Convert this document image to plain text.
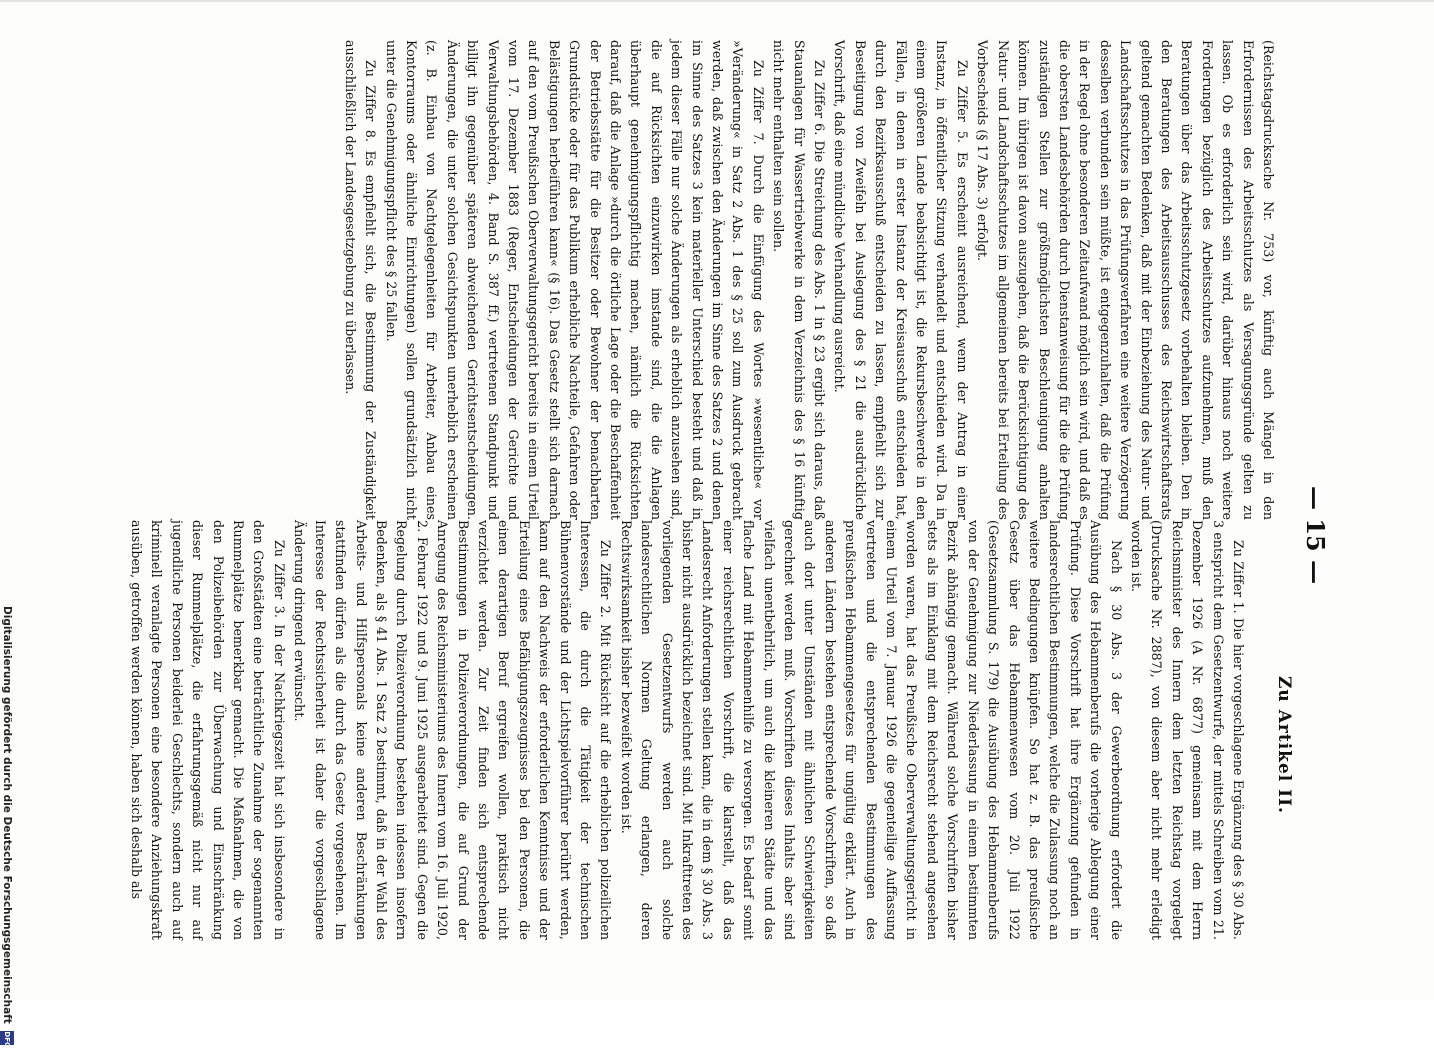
(Reichstagsdrucksache Nr. 753) vor, künftig auch Mängel in den Erfordernissen des Arbeitsschutzes als Versagungsgründe gelten zu lassen. Ob es erforderlich sein wird, darüber hinaus noch weitere Forderungen bezüglich des Arbeitsschutzes aufzunehmen, muß den Beratungen über das Arbeitsschutzgesetz vorbehalten bleiben. Den in den Beratungen des Arbeitsausschusses des Reichswirtschaftsrats geltend gemachten Bedenken, daß mit der Einbeziehung des Natur- und Landschaftsschutzes in das Prüfungsverfahren eine weitere Verzögerung desselben verbunden sein müßte, ist entgegenzuhalten, daß die Prüfung in der Regel ohne besonderen Zeitaufwand möglich sein wird, und daß es die obersten Landesbehörden durch Dienstanweisung für die die Prüfung zuständigen Stellen zur größtmöglichsten Beschleunigung anhalten können. Im übrigen ist davon auszugehen, daß die Berücksichtigung des Natur- und Landschaftsschutzes im allgemeinen bereits bei Erteilung des Vorbescheids (§ 17 Abs. 3) erfolgt.

Zu Ziffer 5. Es erscheint ausreichend, wenn der Antrag in einer Instanz, in öffentlicher Sitzung verhandelt und entschieden wird. Da in einem größeren Lande beabsichtigt ist, die Rekursbeschwerde in den Fällen, in denen in erster Instanz der Kreisausschuß entschieden hat, durch den Bezirksausschuß entscheiden zu lassen, empfiehlt sich zur Beseitigung von Zweifeln bei Auslegung des § 21 die ausdrückliche Vorschrift, daß eine mündliche Verhandlung ausreicht.

Zu Ziffer 6. Die Streichung des Abs. 1 in § 23 ergibt sich daraus, daß Stauanlagen für Wassertriebwerke in dem Verzeichnis des § 16 künftig nicht mehr enthalten sein sollen.

Zu Ziffer 7. Durch die Einfügung des Wortes »wesentliche« vor »Veränderung« in Satz 2 Abs. 1 des § 25 soll zum Ausdruck gebracht werden, daß zwischen den Änderungen im Sinne des Satzes 2 und denen im Sinne des Satzes 3 kein materieller Unterschied besteht und daß in jedem dieser Fälle nur solche Änderungen als erheblich anzusehen sind, die auf Rücksichten einzuwirken imstande sind, die die Anlagen überhaupt genehmigungspflichtig machen, nämlich die Rücksichten darauf, daß die Anlage »durch die örtliche Lage oder die Beschaffenheit der Betriebsstätte für die Besitzer oder Bewohner der benachbarten Grundstücke oder für das Publikum erhebliche Nachteile, Gefahren oder Belästigungen herbeiführen kann« (§ 16). Das Gesetz stellt sich darnach auf den vom Preußischen Oberverwaltungsgericht bereits in einem Urteil vom 17. Dezember 1883 (Reger, Entscheidungen der Gerichte und Verwaltungsbehörden, 4. Band S. 387 ff.) vertretenen Standpunkt und billigt ihn gegenüber späteren abweichenden Gerichtsentscheidungen. Änderungen, die unter solchen Gesichtspunkten unerheblich erscheinen (z. B. Einbau von Nachtgelegenheiten für Arbeiter, Anbau eines Kontorraums oder ähnliche Einrichtungen) sollen grundsätzlich nicht unter die Genehmigungspflicht des § 25 fallen.

Zu Ziffer 8. Es empfiehlt sich, die Bestimmung der Zuständigkeit ausschließlich der Landesgesetzgebung zu überlassen.

— 15 —
Zu Artikel II.

Zu Ziffer 1. Die hier vorgeschlagene Ergänzung des § 30 Abs. 3 entspricht dem Gesetzentwurfe, der mittels Schreiben vom 21. Dezember 1926 (A Nr. 6877) gemeinsam mit dem Herrn Reichsminister des Innern dem letzten Reichstag vorgelegt (Drucksache Nr. 2887), von diesem aber nicht mehr erledigt worden ist.

Nach § 30 Abs. 3 der Gewerbeordnung erfordert die Ausübung des Hebammenberufs die vorherige Ablegung einer Prüfung. Diese Vorschrift hat ihre Ergänzung gefunden in landesrechtlichen Bestimmungen, welche die Zulassung noch an weitere Bedingungen knüpfen. So hat z. B. das preußische Gesetz über das Hebammenwesen vom 20. Juli 1922 (Gesetzsammlung S. 179) die Ausübung des Hebammenberufs von der Genehmigung zur Niederlassung in einem bestimmten Bezirk abhängig gemacht. Während solche Vorschriften bisher stets als im Einklang mit dem Reichsrecht stehend angesehen worden waren, hat das Preußische Oberverwaltungsgericht in einem Urteil vom 7. Januar 1926 die gegenteilige Auffassung vertreten und die entsprechenden Bestimmungen des preußischen Hebammengesetzes für ungültig erklärt. Auch in anderen Ländern bestehen entsprechende Vorschriften, so daß auch dort unter Umständen mit ähnlichen Schwierigkeiten gerechnet werden muß. Vorschriften dieses Inhalts aber sind vielfach unentbehrlich, um auch die kleineren Städte und das flache Land mit Hebammenhilfe zu versorgen. Es bedarf somit einer reichsrechtlichen Vorschrift, die klarstellt, daß das Landesrecht Anforderungen stellen kann, die in dem § 30 Abs. 3 bisher nicht ausdrücklich bezeichnet sind. Mit Inkrafttreten des vorliegenden Gesetzentwurfs werden auch solche landesrechtlichen Normen Geltung erlangen, deren Rechtswirksamkeit bisher bezweifelt worden ist.

Zu Ziffer 2. Mit Rücksicht auf die erheblichen polizeilichen Interessen, die durch die Tätigkeit der technischen Bühnenvorstände und der Lichtspielvorführer berührt werden, kann auf den Nachweis der erforderlichen Kenntnisse und der Erteilung eines Befähigungszeugnisses bei den Personen, die einen derartigen Beruf ergreifen wollen, praktisch nicht verzichtet werden. Zur Zeit finden sich entsprechende Bestimmungen in Polizeiverordnungen, die auf Grund der Anregung des Reichsministeriums des Innern vom 16. Juli 1920, 2. Februar 1922 und 9. Juni 1925 ausgearbeitet sind. Gegen die Regelung durch Polizeiverordnung bestehen indessen insofern Bedenken, als § 41 Abs. 1 Satz 2 bestimmt, daß in der Wahl des Arbeits- und Hilfspersonals keine anderen Beschränkungen stattfinden dürfen als die durch das Gesetz vorgesehenen. Im Interesse der Rechtssicherheit ist daher die vorgeschlagene Änderung dringend erwünscht.

Zu Ziffer 3. In der Nachkriegszeit hat sich insbesondere in den Großstädten eine beträchtliche Zunahme der sogenannten Rummelplätze bemerkbar gemacht. Die Maßnahmen, die von den Polizeibehörden zur Überwachung und Einschränkung dieser Rummelplätze, die erfahrungsgemäß nicht nur auf jugendliche Personen beiderlei Geschlechts, sondern auch auf kriminell veranlagte Personen eine besondere Anziehungskraft ausüben, getroffen werden können, haben sich deshalb als

Digitalisierung gefördert durch die Deutsche Forschungsgemeinschaft DFG
